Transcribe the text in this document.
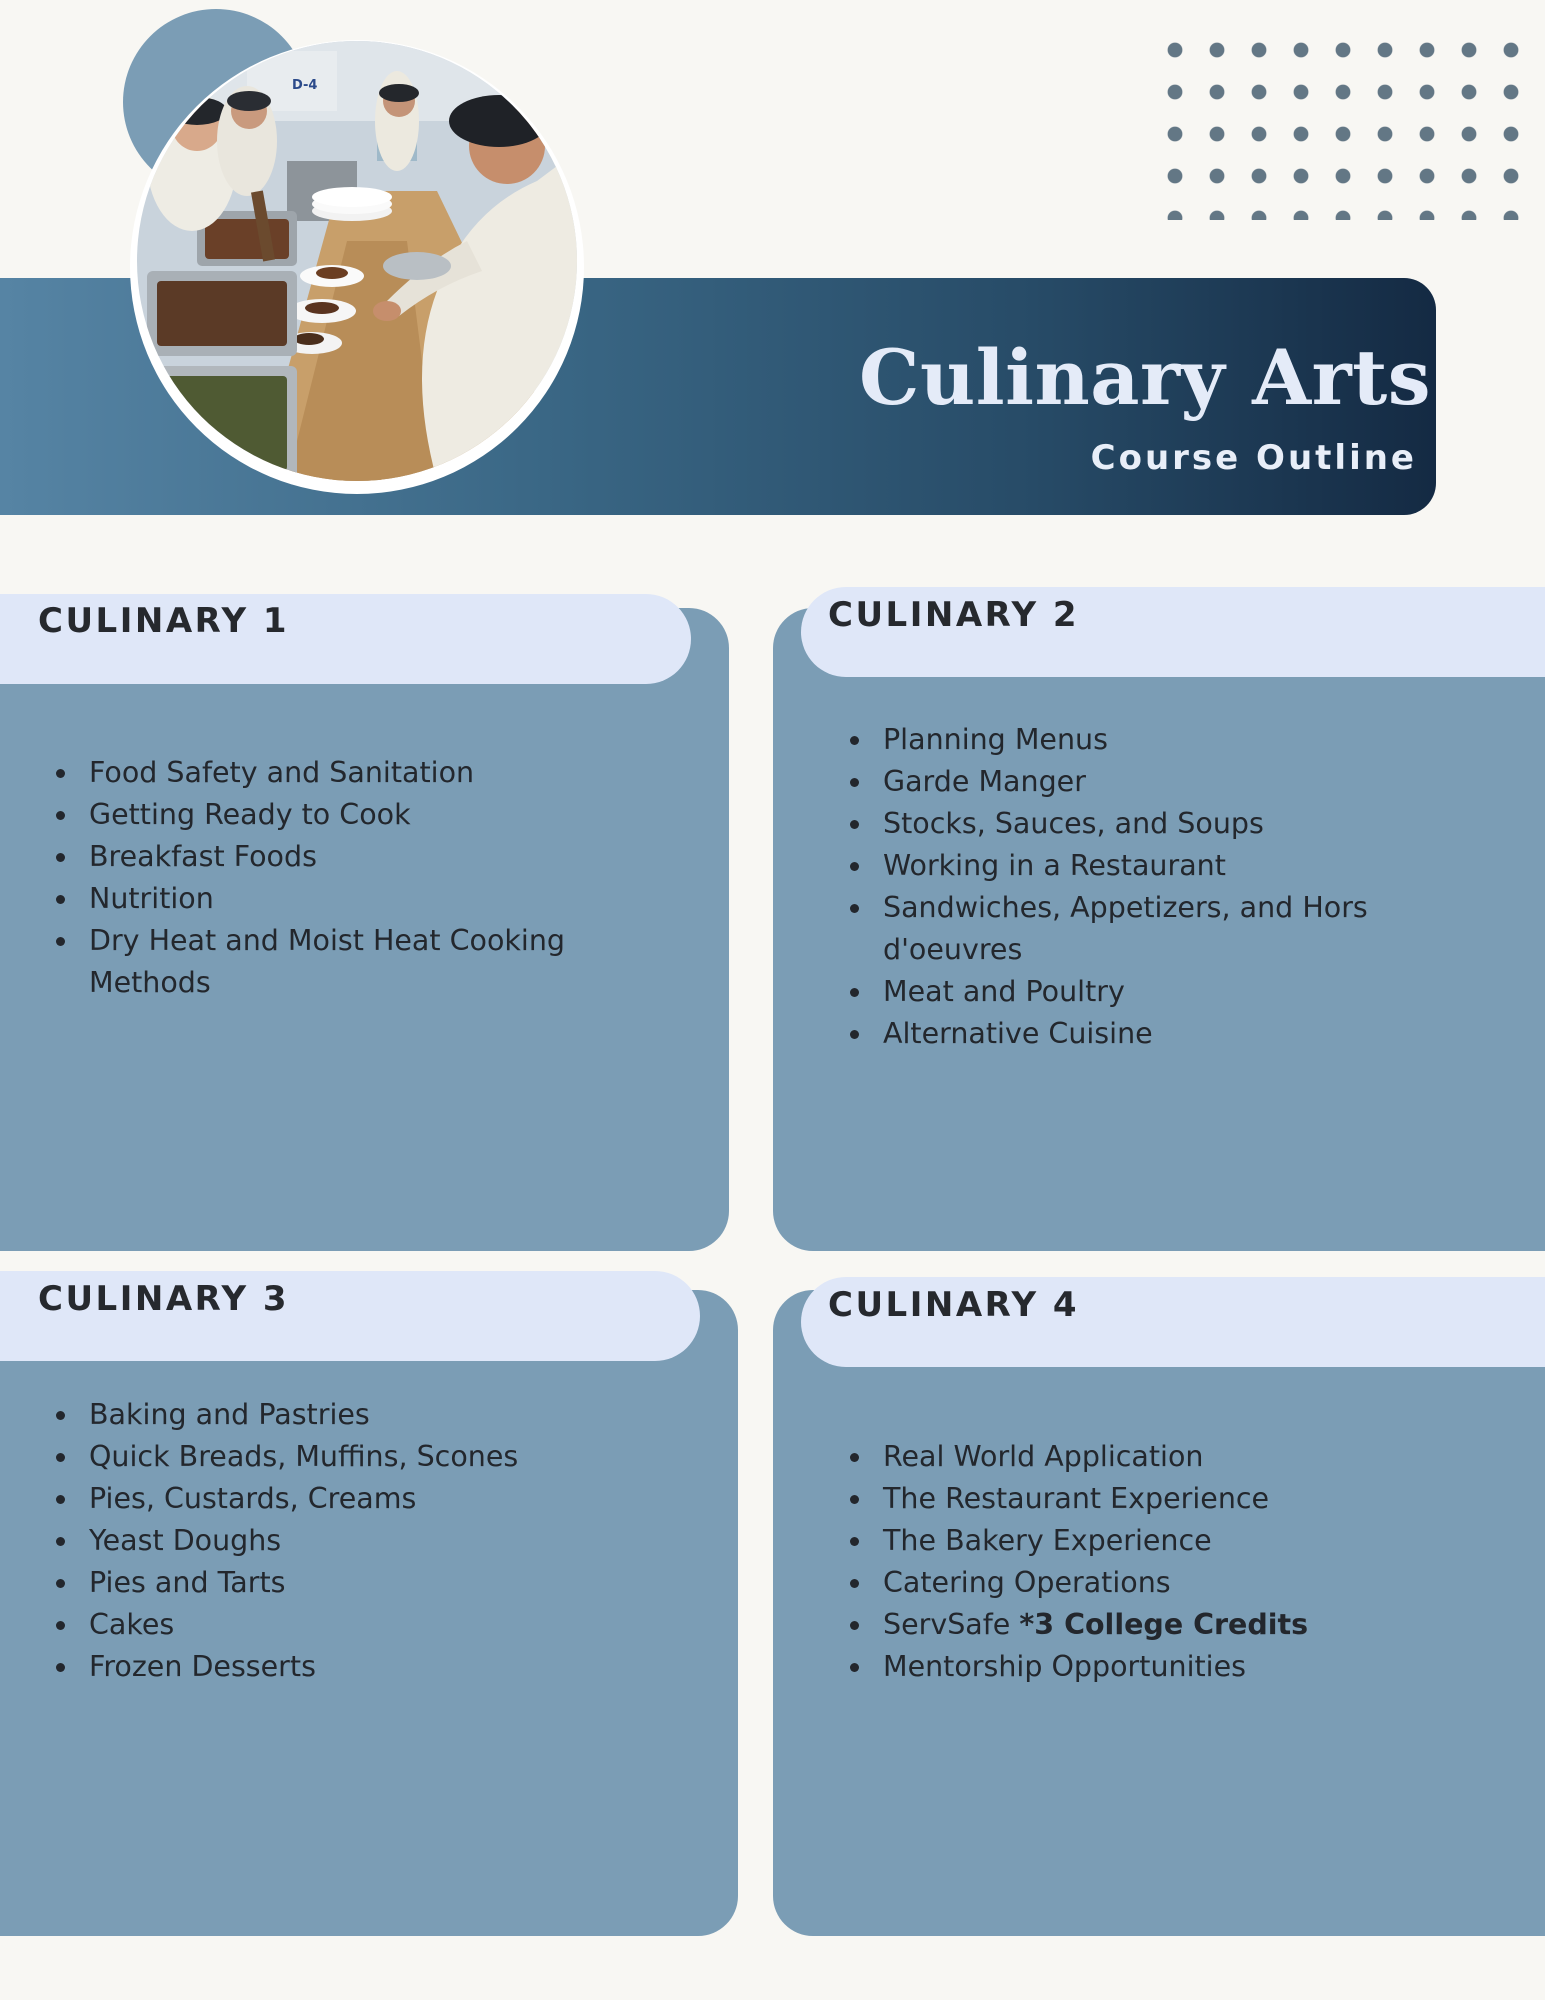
D-4
Culinary Arts
Course Outline
CULINARY 1	CULINARY 2
CULINARY 3	CULINARY 4
Food Safety and Sanitation
Getting Ready to Cook
Breakfast Foods
Nutrition
Dry Heat and Moist Heat Cooking Methods
Planning Menus
Garde Manger
Stocks, Sauces, and Soups
Working in a Restaurant
Sandwiches, Appetizers, and Hors d'oeuvres
Meat and Poultry
Alternative Cuisine
Baking and Pastries
Quick Breads, Muffins, Scones
Pies, Custards, Creams
Yeast Doughs
Pies and Tarts
Cakes
Frozen Desserts
Real World Application
The Restaurant Experience
The Bakery Experience
Catering Operations
ServSafe *3 College Credits
Mentorship Opportunities
